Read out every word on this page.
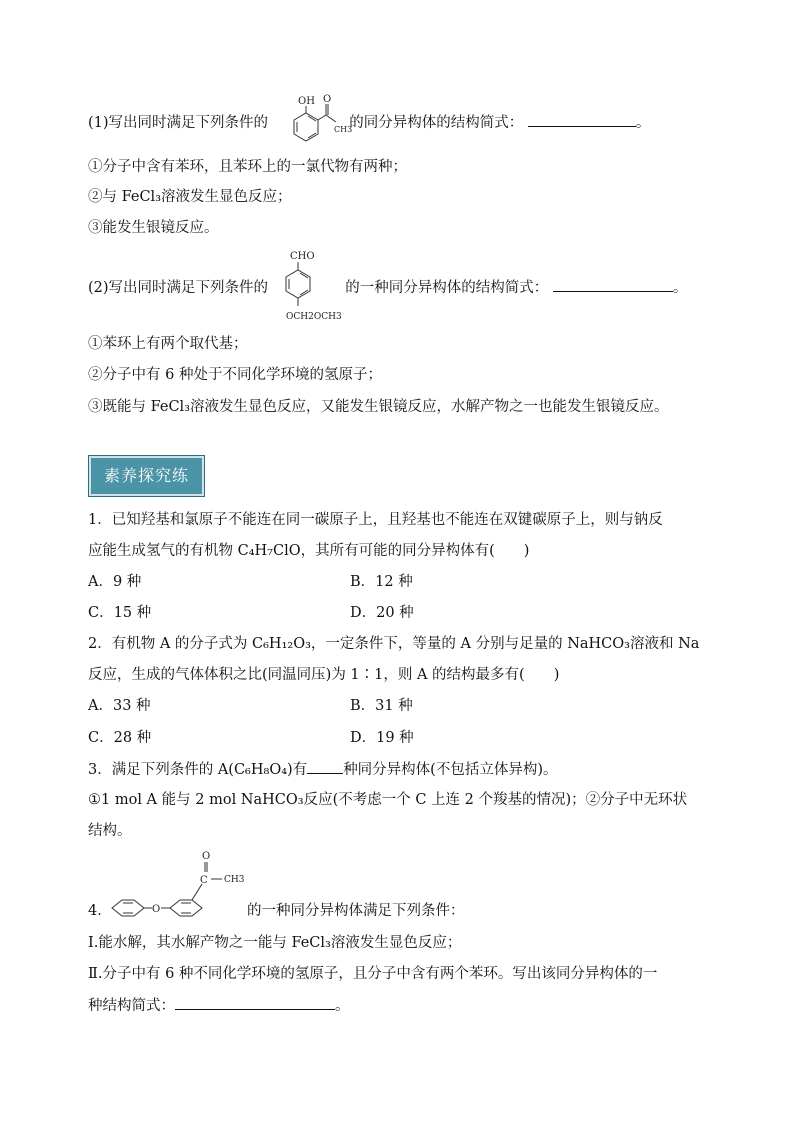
(1)写出同时满足下列条件的	的同分异构体的结构简式：	。
OH O
CH3
①分子中含有苯环，且苯环上的一氯代物有两种；
②与 FeCl₃溶液发生显色反应；
③能发生银镜反应。
(2)写出同时满足下列条件的	的一种同分异构体的结构简式：	。
CHO
OCH2OCH3
①苯环上有两个取代基；
②分子中有 6 种处于不同化学环境的氢原子；
③既能与 FeCl₃溶液发生显色反应，又能发生银镜反应，水解产物之一也能发生银镜反应。
素养探究练
1．已知羟基和氯原子不能连在同一碳原子上，且羟基也不能连在双键碳原子上，则与钠反
应能生成氢气的有机物 C₄H₇ClO，其所有可能的同分异构体有(　　)
A．9 种	B．12 种
C．15 种	D．20 种
2．有机物 A 的分子式为 C₆H₁₂O₃，一定条件下，等量的 A 分别与足量的 NaHCO₃溶液和 Na
反应，生成的气体体积之比(同温同压)为 1∶1，则 A 的结构最多有(　　)
A．33 种	B．31 种
C．28 种	D．19 种
3．满足下列条件的 A(C₆H₈O₄)有 种同分异构体(不包括立体异构)。
①1 mol A 能与 2 mol NaHCO₃反应(不考虑一个 C 上连 2 个羧基的情况)；②分子中无环状
结构。
O
C
O
CH3
4．	的一种同分异构体满足下列条件：
Ⅰ.能水解，其水解产物之一能与 FeCl₃溶液发生显色反应；
Ⅱ.分子中有 6 种不同化学环境的氢原子，且分子中含有两个苯环。写出该同分异构体的一
种结构简式：	。
